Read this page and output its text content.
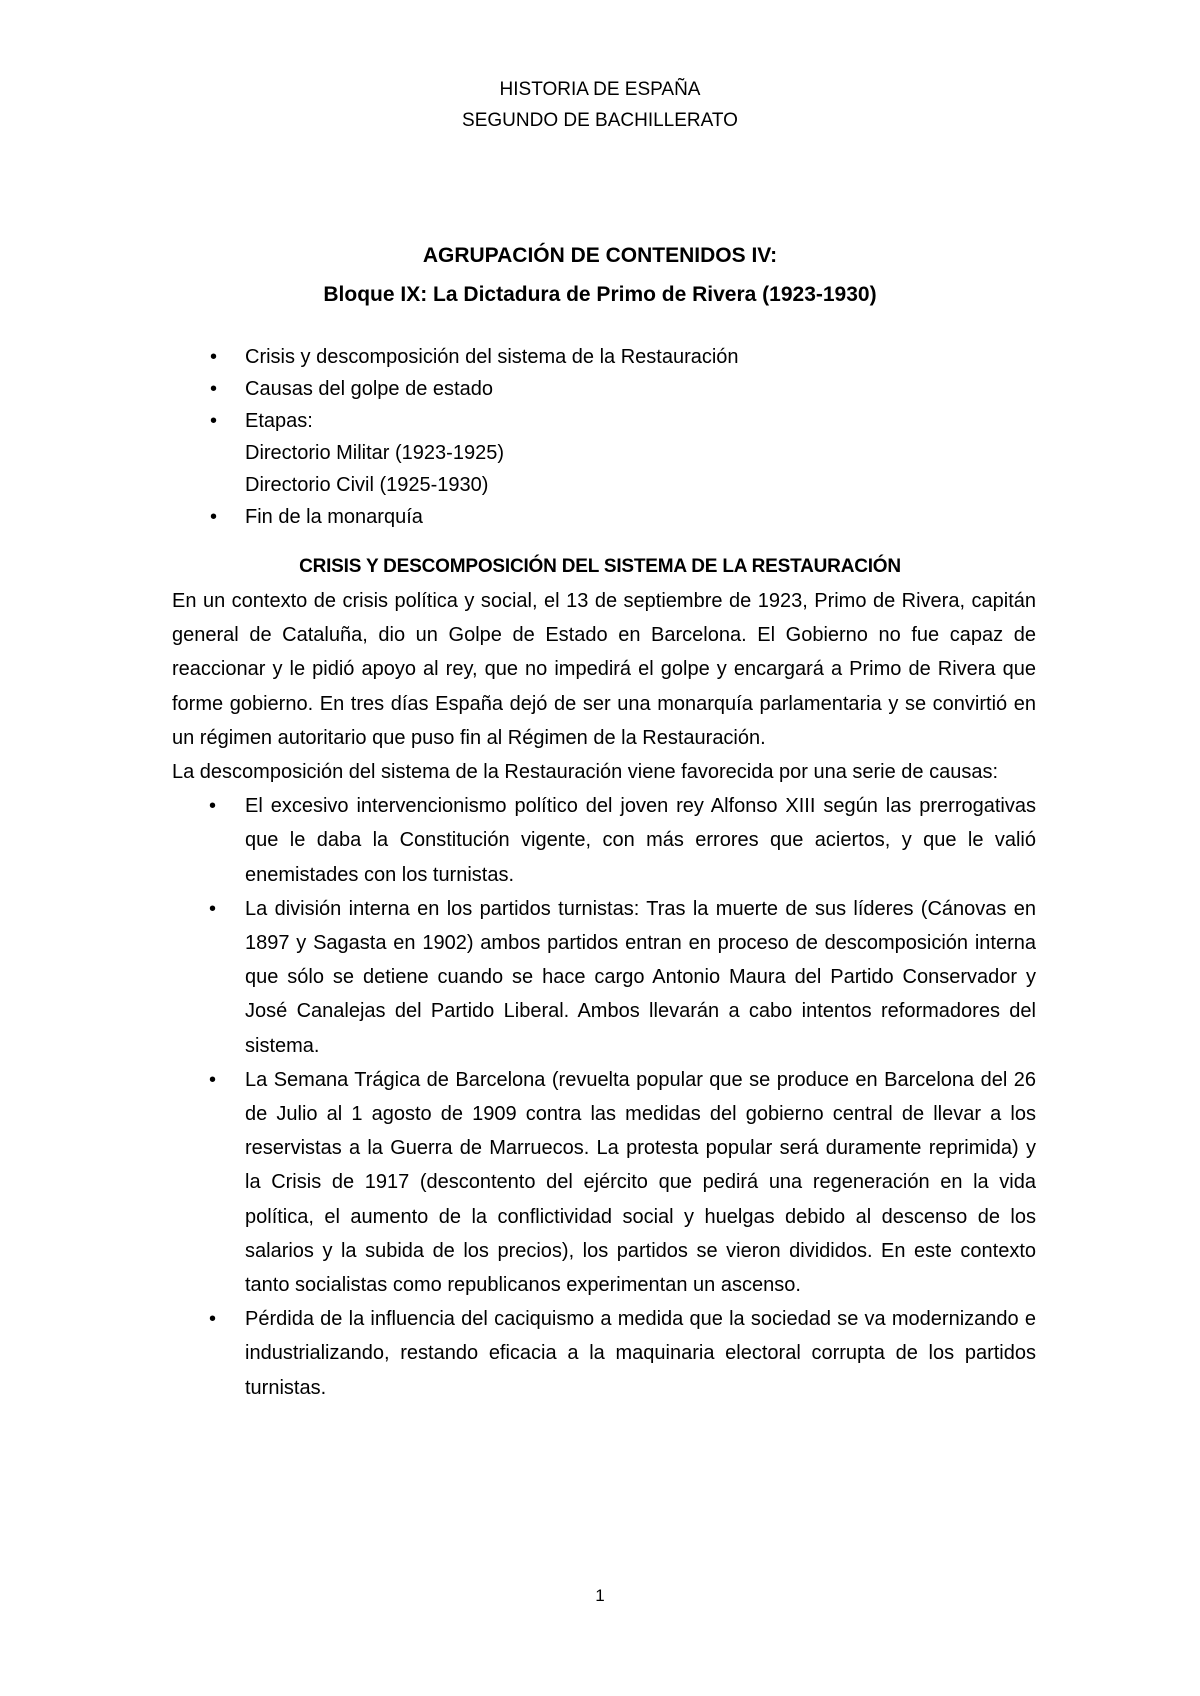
HISTORIA DE ESPAÑA
SEGUNDO DE BACHILLERATO
AGRUPACIÓN DE CONTENIDOS IV:
Bloque IX: La Dictadura de Primo de Rivera (1923-1930)
•	Crisis y descomposición del sistema de la Restauración
•	Causas del golpe de estado
•	Etapas:
Directorio Militar (1923-1925)
Directorio Civil (1925-1930)
•	Fin de la monarquía
CRISIS Y DESCOMPOSICIÓN DEL SISTEMA DE LA RESTAURACIÓN

En un contexto de crisis política y social, el 13 de septiembre de 1923, Primo de Rivera, capitán general de Cataluña, dio un Golpe de Estado en Barcelona. El Gobierno no fue capaz de reaccionar y le pidió apoyo al rey, que no impedirá el golpe y encargará a Primo de Rivera que forme gobierno. En tres días España dejó de ser una monarquía parlamentaria y se convirtió en un régimen autoritario que puso fin al Régimen de la Restauración.

La descomposición del sistema de la Restauración viene favorecida por una serie de causas:

•	El excesivo intervencionismo político del joven rey Alfonso XIII según las prerrogativas que le daba la Constitución vigente, con más errores que aciertos, y que le valió enemistades con los turnistas.
•	La división interna en los partidos turnistas: Tras la muerte de sus líderes (Cánovas en 1897 y Sagasta en 1902) ambos partidos entran en proceso de descomposición interna que sólo se detiene cuando se hace cargo Antonio Maura del Partido Conservador y José Canalejas del Partido Liberal. Ambos llevarán a cabo intentos reformadores del sistema.
•	La Semana Trágica de Barcelona (revuelta popular que se produce en Barcelona del 26 de Julio al 1 agosto de 1909 contra las medidas del gobierno central de llevar a los reservistas a la Guerra de Marruecos. La protesta popular será duramente reprimida) y la Crisis de 1917 (descontento del ejército que pedirá una regeneración en la vida política, el aumento de la conflictividad social y huelgas debido al descenso de los salarios y la subida de los precios), los partidos se vieron divididos. En este contexto tanto socialistas como republicanos experimentan un ascenso.
•	Pérdida de la influencia del caciquismo a medida que la sociedad se va modernizando e industrializando, restando eficacia a la maquinaria electoral corrupta de los partidos turnistas.
1
